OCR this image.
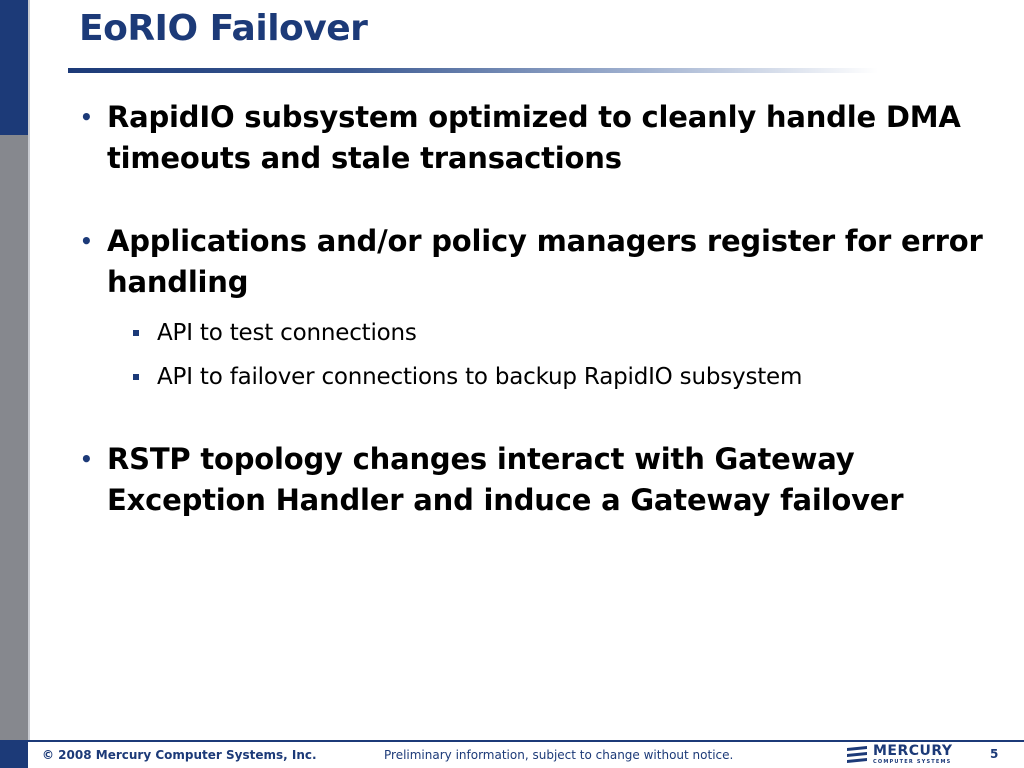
EoRIO Failover
• RapidIO subsystem optimized to cleanly handle DMA timeouts and stale transactions
• Applications and/or policy managers register for error handling
API to test connections
API to failover connections to backup RapidIO subsystem
• RSTP topology changes interact with Gateway Exception Handler and induce a Gateway failover
© 2008 Mercury Computer Systems, Inc.	Preliminary information, subject to change without notice.	MERCURY
COMPUTER SYSTEMS
5
